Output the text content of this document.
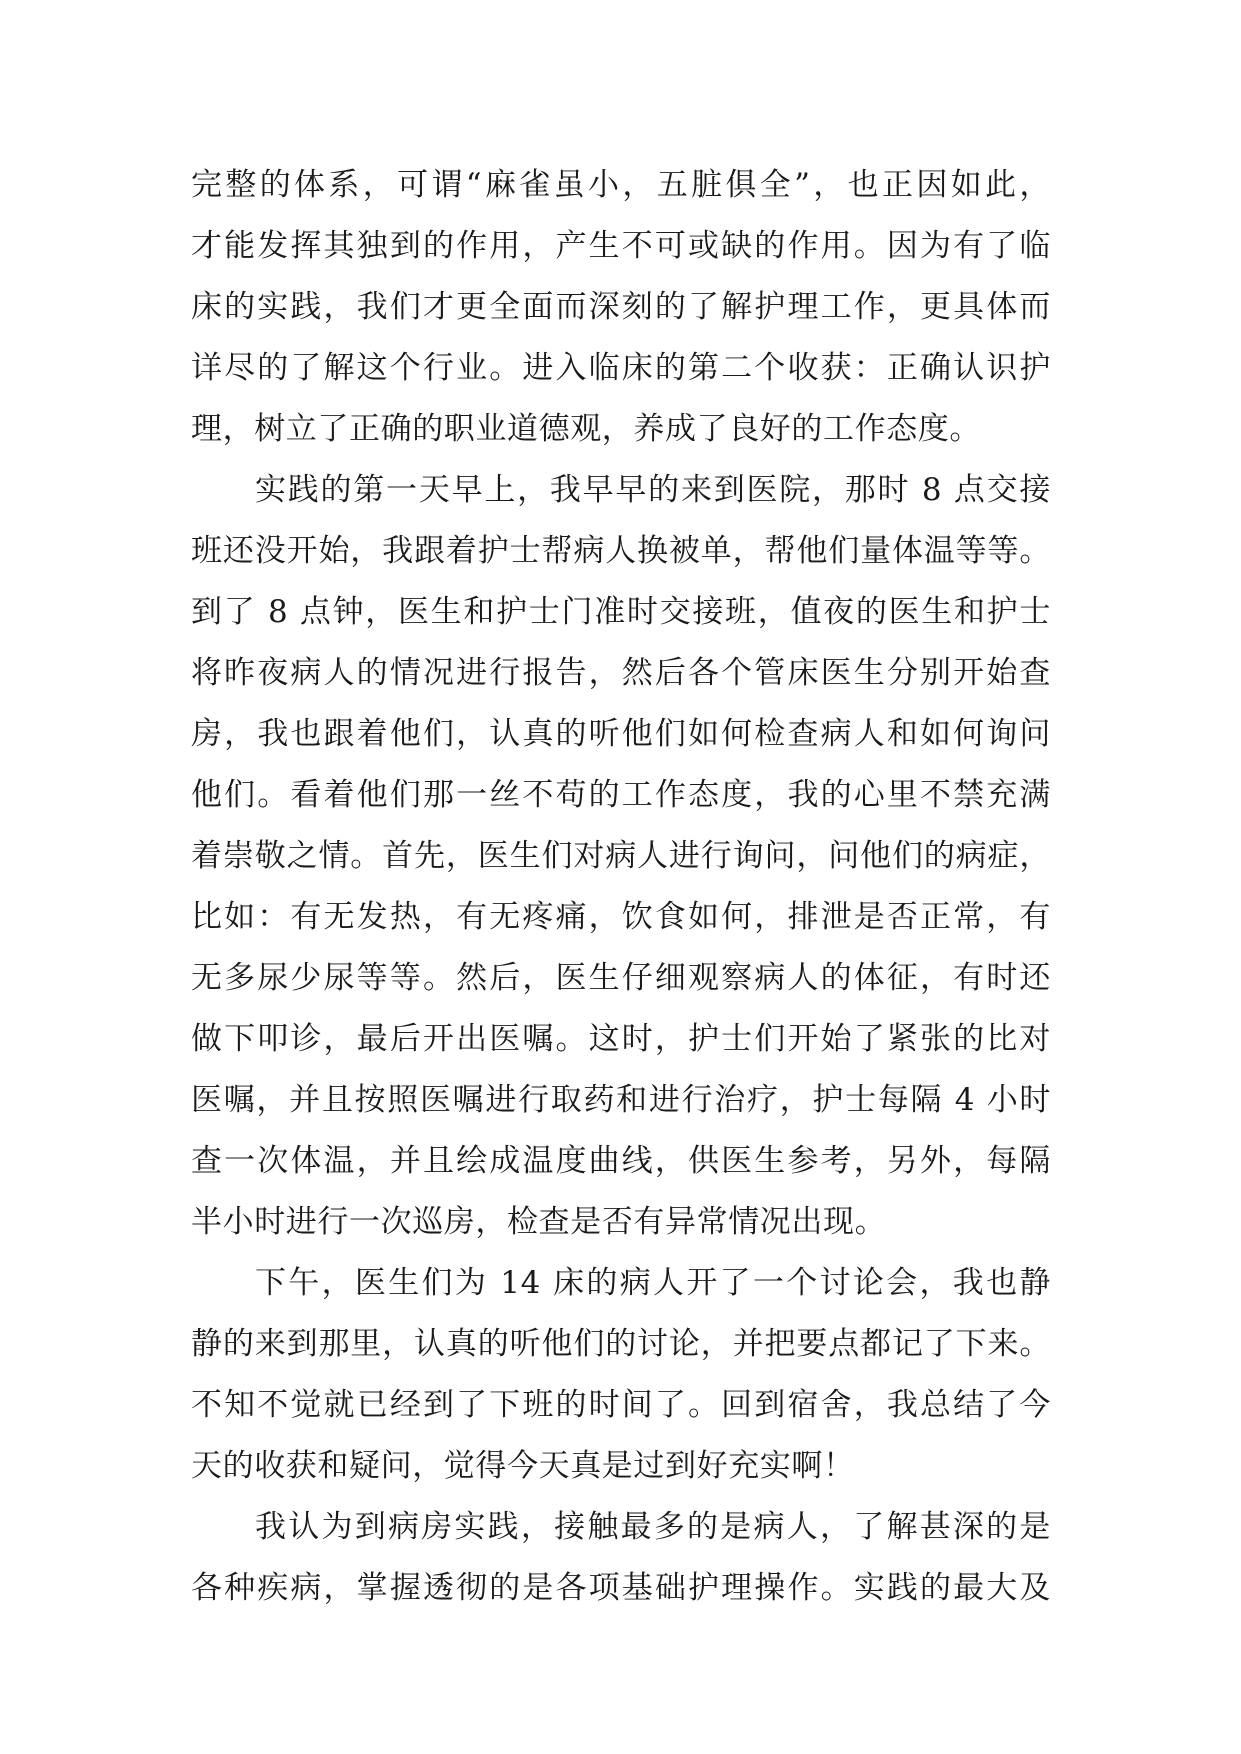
完整的体系，可谓“麻雀虽小，五脏俱全”，也正因如此，
才能发挥其独到的作用，产生不可或缺的作用。因为有了临
床的实践，我们才更全面而深刻的了解护理工作，更具体而
详尽的了解这个行业。进入临床的第二个收获：正确认识护
理，树立了正确的职业道德观，养成了良好的工作态度。
实践的第一天早上，我早早的来到医院，那时 8 点交接
班还没开始，我跟着护士帮病人换被单，帮他们量体温等等。
到了 8 点钟，医生和护士门准时交接班，值夜的医生和护士
将昨夜病人的情况进行报告，然后各个管床医生分别开始查
房，我也跟着他们，认真的听他们如何检查病人和如何询问
他们。看着他们那一丝不苟的工作态度，我的心里不禁充满
着崇敬之情。首先，医生们对病人进行询问，问他们的病症，
比如：有无发热，有无疼痛，饮食如何，排泄是否正常，有
无多尿少尿等等。然后，医生仔细观察病人的体征，有时还
做下叩诊，最后开出医嘱。这时，护士们开始了紧张的比对
医嘱，并且按照医嘱进行取药和进行治疗，护士每隔 4 小时
查一次体温，并且绘成温度曲线，供医生参考，另外，每隔
半小时进行一次巡房，检查是否有异常情况出现。
下午，医生们为 14 床的病人开了一个讨论会，我也静
静的来到那里，认真的听他们的讨论，并把要点都记了下来。
不知不觉就已经到了下班的时间了。回到宿舍，我总结了今
天的收获和疑问，觉得今天真是过到好充实啊！
我认为到病房实践，接触最多的是病人，了解甚深的是
各种疾病，掌握透彻的是各项基础护理操作。实践的最大及
